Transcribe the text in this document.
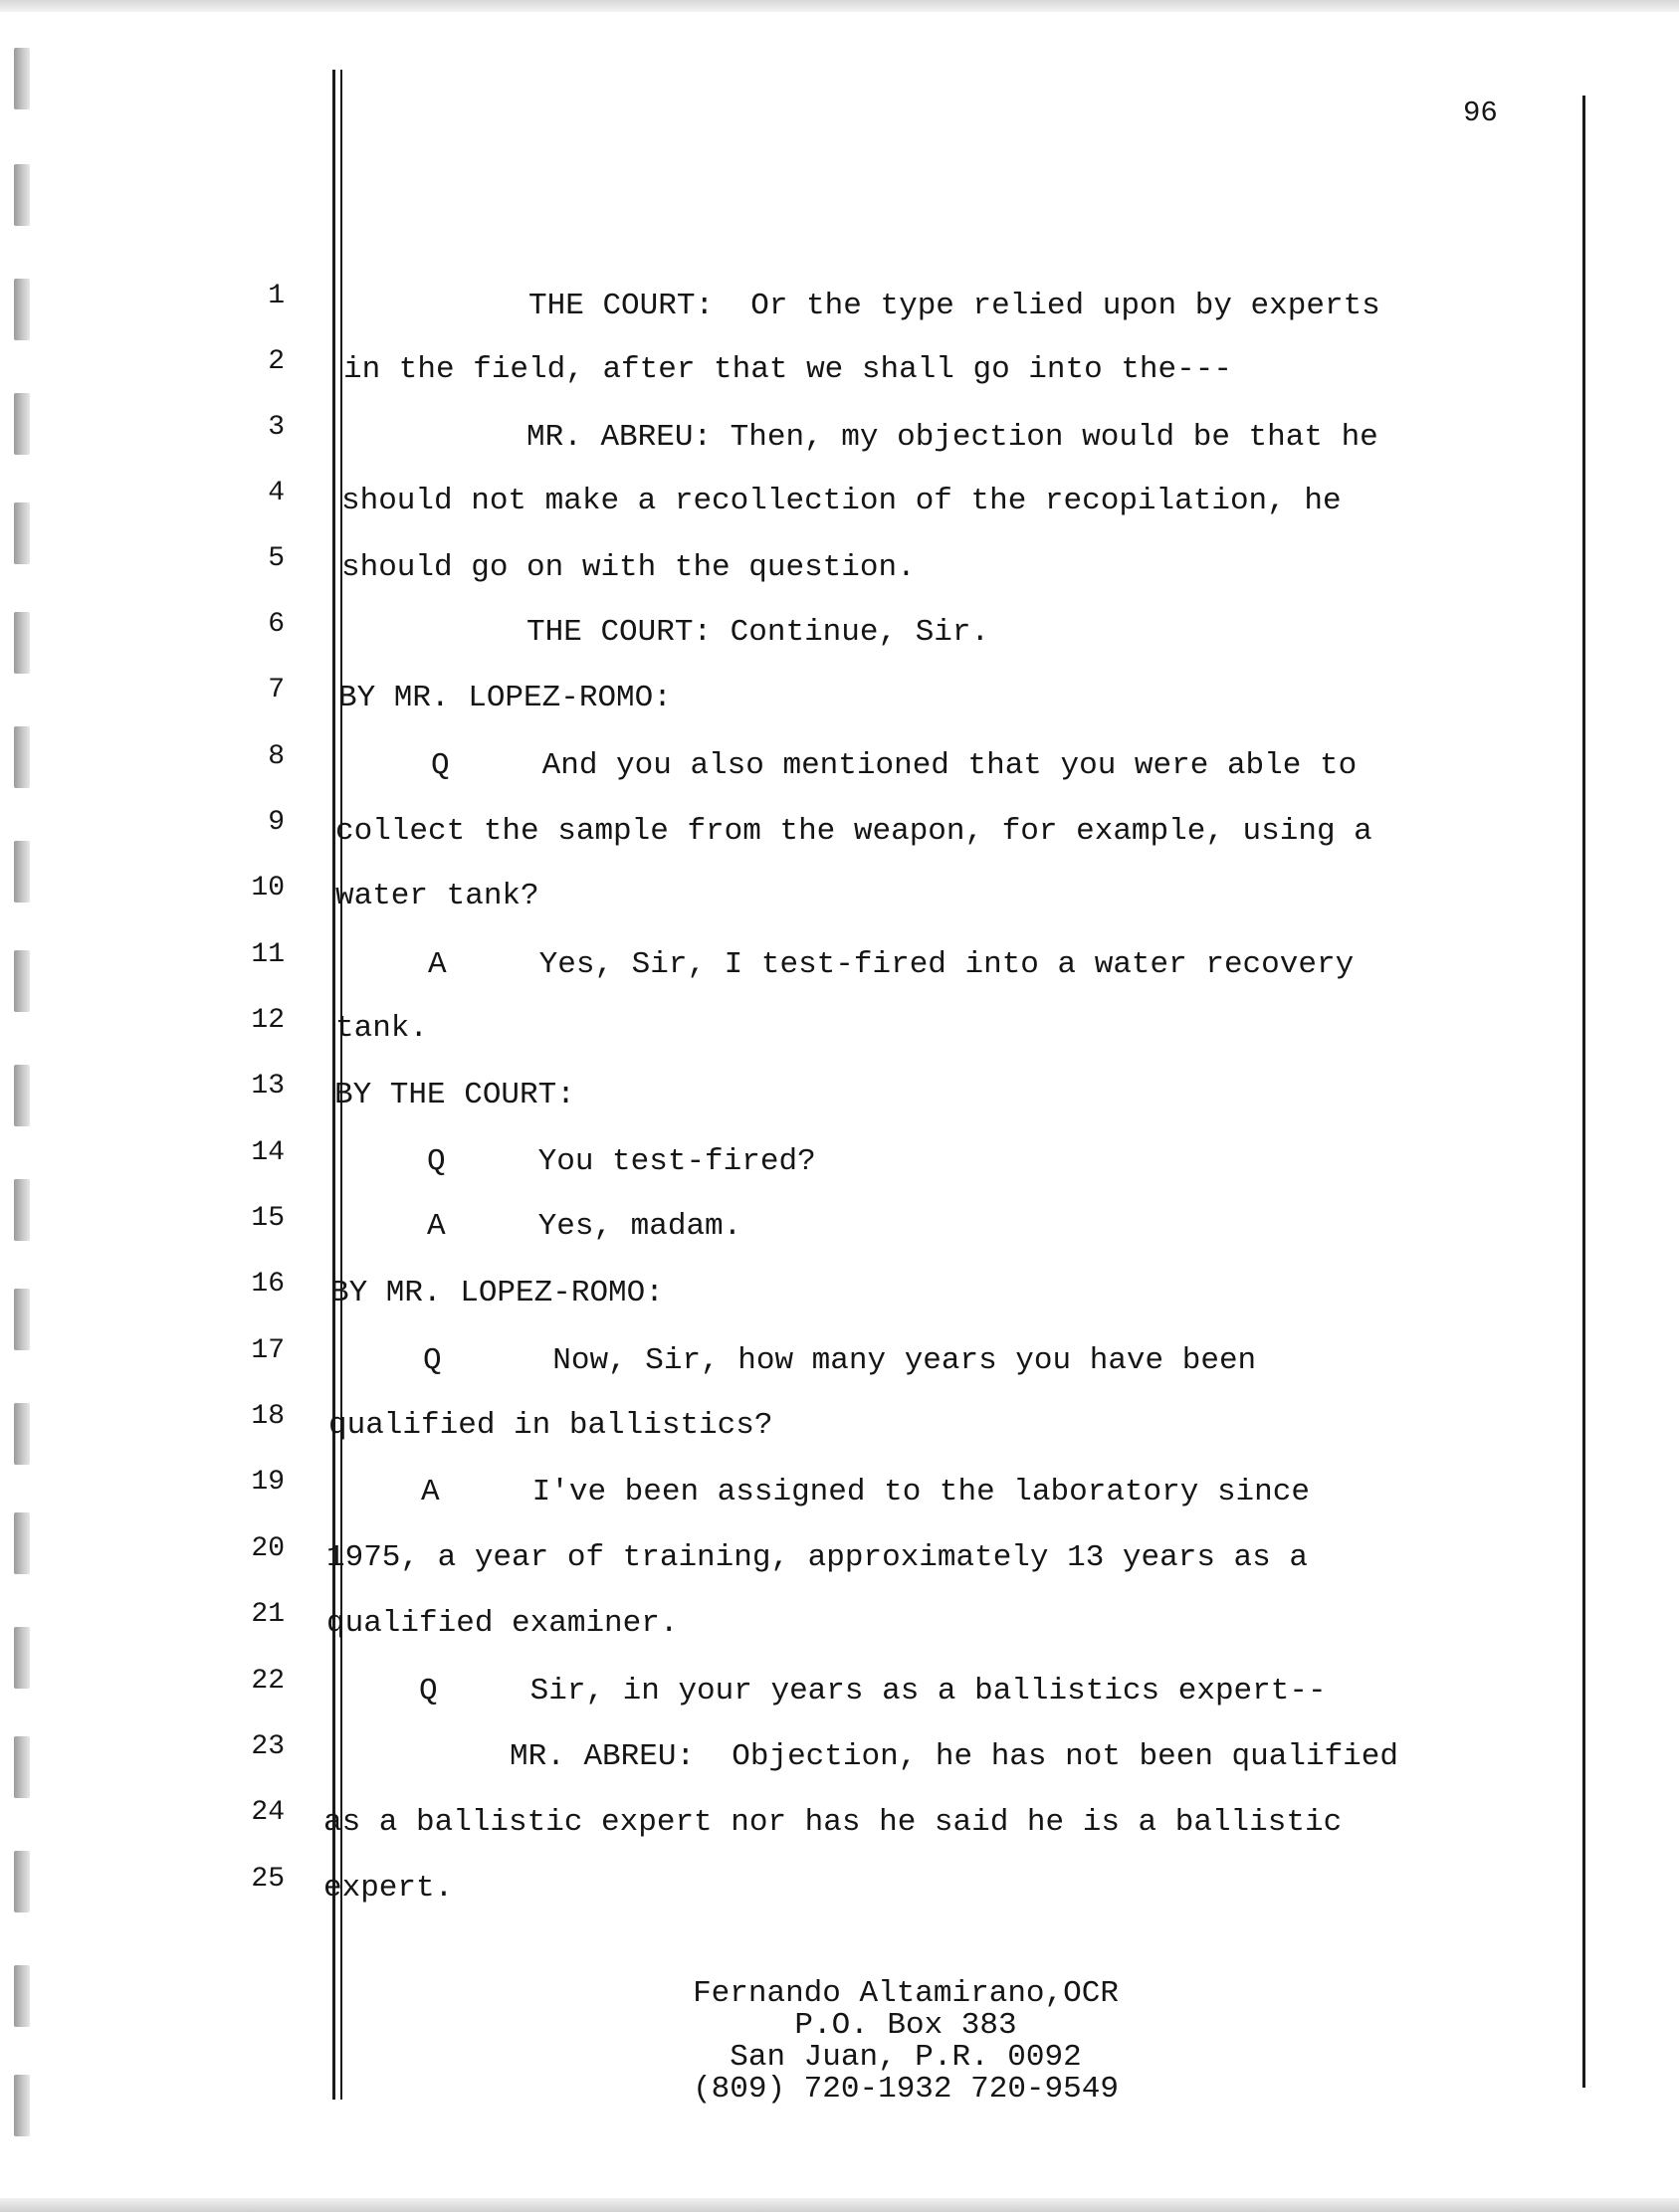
96
1 THE COURT:  Or the type relied upon by experts
2 in the field, after that we shall go into the---
3 MR. ABREU: Then, my objection would be that he
4 should not make a recollection of the recopilation, he
5 should go on with the question.
6 THE COURT: Continue, Sir.
7 BY MR. LOPEZ-ROMO:
8 Q     And you also mentioned that you were able to
9 collect the sample from the weapon, for example, using a
10 water tank?
11 A     Yes, Sir, I test-fired into a water recovery
12 tank.
13 BY THE COURT:
14 Q     You test-fired?
15 A     Yes, madam.
16 BY MR. LOPEZ-ROMO:
17 Q      Now, Sir, how many years you have been
18 qualified in ballistics?
19 A     I've been assigned to the laboratory since
20 1975, a year of training, approximately 13 years as a
21 qualified examiner.
22 Q     Sir, in your years as a ballistics expert--
23 MR. ABREU:  Objection, he has not been qualified
24 as a ballistic expert nor has he said he is a ballistic
25 expert.
Fernando Altamirano,OCR
P.O. Box 383
San Juan, P.R. 0092
(809) 720-1932 720-9549
